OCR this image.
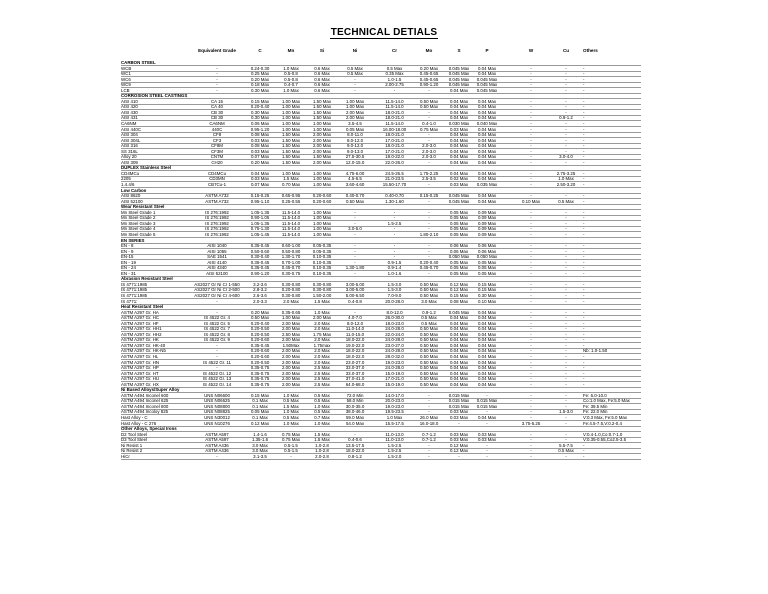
TECHNICAL DETIALS
Equivalent Grade	C	Mn	Si	Ni	Cr	Mo	S	P	W	Cu	Others
CARBON STEEL
WCB	-	0.24-0.30	1.0 Max	0.6 Max	0.5 Max	0.5 Max	0.20 Max	0.045 Max	0.04 Max	-	-	-
WC1	-	0.25 Max	0.5-0.8	0.6 Max	0.5 Max	0.35 Max	0.45-0.65	0.045 Max	0.04 Max	-	-	-
WC6	-	0.20 Max	0.5-0.8	0.6 Max	-	1.0-1.5	0.45-0.65	0.045 Max	0.045 Max	-	-	-
WC9	-	0.18 Max	0.4-0.7	0.6 Max	-	2.00-2.75	0.90-1.20	0.045 Max	0.045 Max	-	-	-
LCB	-	0.30 Max	1.0 Max	0.6 Max	-	-	-	0.04 Max	0.045 Max	-	-	-
CORROSION STEEL CASTINGS
AISI 410	CA 15	0.15 Max	1.00 Max	1.50 Max	1.00 Max	11.5-14.0	0.50 Max	0.04 Max	0.04 Max	-	-	-
AISI 420	CA 40	0.20-0.40	1.00 Max	1.50 Max	1.00 Max	11.5-14.0	0.50 Max	0.04 Max	0.04 Max	-	-	-
AISI 430	CB 30	0.30 Max	1.00 Max	1.50 Max	2.00 Max	18.0-21.0	-	0.04 Max	0.04 Max	-	-	-
AISI 431	CB 30	0.30 Max	1.00 Max	1.50 Max	2.00 Max	18.0-21.0	-	0.04 Max	0.04 Max	-	0.9-1.2	-
CA6NM	CA6NM	0.06 Max	1.00 Max	1.00 Max	3.5-4.5	11.5-14.0	0.4-1.0	0.030 Max	0.040 Max	-	-	-
AISI 440C	440C	0.95-1.20	1.00 Max	1.00 Max	0.05 Max	16.00-18.00	0.75 Max	0.03 Max	0.04 Max	-	-	-
AISI 304	CF8	0.08 Max	1.50 Max	2.00 Max	8.0-11.0	18.0-21.0	-	0.04 Max	0.04 Max	-	-	-
AISI 304L	CF3	0.03 Max	1.50 Max	2.00 Max	8.0-12.0	17.0-21.0	-	0.04 Max	0.04 Max	-	-	-
AISI 316	CF8M	0.08 Max	1.50 Max	2.00 Max	9.0-12.0	18.0-21.0	2.0-3.0	0.04 Max	0.04 Max	-	-	-
SS 316L	CF3M	0.03 Max	1.50 Max	2.00 Max	9.0-13.0	17.0-21.0	2.0-3.0	0.04 Max	0.04 Max	-	-	-
Alloy 20	CN7M	0.07 Max	1.50 Max	1.50 Max	27.5-30.5	19.0-22.0	2.0-3.0	0.04 Max	0.04 Max	-	3.0-4.0	-
AISI 309	CH20	0.20 Max	1.50 Max	2.00 Max	12.0-15.0	22.0-26.0	-	0.04 Max	0.04 Max	-	-	-
DUPLEX Stainless Steel
CD4MCu	CD4MCu	0.04 Max	1.00 Max	1.00 Max	4.75-6.00	24.5-26.5	1.75-2.25	0.04 Max	0.04 Max	-	2.75-3.25	-
2205	CD3MN	0.03 Max	1.5 Max	1.00 Max	4.5-6.5	21.0-23.5	2.5-3.5	0.02 Max	0.04 Max	-	1.0 Max	-
1.4.4/6	CB7Cu-1	0.07 Max	0.70 Max	1.00 Max	3.60-4.60	15.50-17.70	-	0.03 Max	0.035 Max	-	2.50-3.20	-
Low Carbon
AISI 8620	ASTM A732	0.15-0.25	0.65-0.95	0.20-0.60	0.40-0.70	0.40-0.70	0.15-0.25	0.045 Max	0.04 Max	-	-	-
AISI 52100	ASTM A732	0.95-1.10	0.25-0.55	0.20-0.60	0.50 Max	1.30-1.60	-	0.045 Max	0.04 Max	0.10 Max	0.5 Max	-
Wear Resistant Steel
Mn Steel Grade 1	IS 276:1992	1.05-1.35	11.5-14.0	1.00 Max	-	-	-	0.05 Max	0.09 Max	-	-	-
Mn Steel Grade 2	IS 276:1992	0.90-1.05	11.5-14.0	1.00 Max	-	-	-	0.05 Max	0.09 Max	-	-	-
Mn Steel Grade 3	IS 276:1992	1.05-1.35	11.5-14.0	1.00 Max	-	1.5-2.5	-	0.05 Max	0.09 Max	-	-	-
Mn Steel Grade 4	IS 276:1992	0.75-1.30	11.5-14.0	1.00 Max	3.0-5.0	-	-	0.05 Max	0.09 Max	-	-	-
Mn Steel Grade 5	IS 276:1992	1.05-1.45	11.5-14.0	1.00 Max	-	-	1.80-2.10	0.05 Max	0.09 Max	-	-	-
EN SERIES
EN - 8	AISI 1040	0.35-0.45	0.60-1.00	0.05-0.35	-	-	-	0.06 Max	0.06 Max	-	-	-
EN - 9	AISI 1055	0.50-0.60	0.50-0.80	0.05-0.35	-	-	-	0.06 Max	0.06 Max	-	-	-
EN-15	SAE 1541	0.30-0.40	1.30-1.70	0.10-0.35	-	-	-	0.050 Max	0.050 Max	-	-	-
EN - 19	AISI 4140	0.35-0.45	0.70-1.00	0.10-0.35	-	0.9-1.5	0.20-0.40	0.05 Max	0.05 Max	-	-	-
EN - 24	AISI 4340	0.35-0.45	0.45-0.70	0.10-0.35	1.30-1.80	0.9-1.4	0.45-0.70	0.05 Max	0.05 Max	-	-	-
EN - 31	AISI 52100	0.90-1.20	0.30-0.75	0.10-0.35	-	1.0-1.6	-	0.05 Max	0.05 Max	-	-	-
Abrasion Resistant Steel
IS 4771:1985	AS2027 Gr Ni Cr 1-550	3.2-3.6	0.30-0.80	0.30-0.80	3.00-5.00	1.5-3.0	0.50 Max	0.12 Max	0.15 Max	-	-	-
IS 4771:1985	AS2027 Gr Ni Cr 2-500	2.8-3.2	0.20-0.80	0.30-0.80	3.00-5.00	1.5-3.0	0.50 Max	0.12 Max	0.15 Max	-	-	-
IS 4771:1985	AS2027 Gr Ni Cr 4-600	2.6-3.6	0.30-0.80	1.50-2.00	5.00-6.50	7.0-9.0	0.50 Max	0.15 Max	0.30 Max	-	-	-
IS 4771:	-	2.0-3.3	2.0 Max	1.5 Max	0.4-0.8	20.0-28.0	3.0 Max	0.08 Max	0.10 Max	-	-	-
Heat Resistant Steel
ASTM A297 Gr. HA	-	0.20 Max	0.35-0.65	1.0 Max	-	8.0-12.0	0.9-1.2	0.045 Max	0.04 Max	-	-	-
ASTM A297 Gr. HC	IS 4522 Gr. 4	0.50 Max	1.00 Max	2.00 Max	4.0-7.0	26.0-30.0	0.5 Max	0.04 Max	0.04 Max	-	-	-
ASTM A297 Gr. HF	IS 4522 Gr. 5	0.20-0.40	2.00 Max	2.0 Max	8.0-12.0	18.0-23.0	0.5 Max	0.04 Max	0.04 Max	-	-	-
ASTM A297 Gr. HH1	IS 4522 Gr. 7	0.20-0.50	2.00 Max	2.0 Max	11.0-14.0	24.0-28.0	0.50 Max	0.04 Max	0.04 Max	-	-	-
ASTM A297 Gr. HH2	IS 4522 Gr. 8	0.20-0.50	2.50 Max	1.75 Max	11.0-15.0	22.0-24.0	0.50 Max	0.04 Max	0.04 Max	-	-	-
ASTM A297 Gr. HK	IS 4522 Gr. 9	0.20-0.60	2.00 Max	2.0 Max	18.0-22.0	24.0-28.0	0.50 Max	0.04 Max	0.04 Max	-	-	-
ASTM A297 Gr. HK-40	-	0.35-0.45	1.50Max	1.75max	19.0-22.0	23.0-27.0	0.50 Max	0.04 Max	0.04 Max	-	-	-
ASTM A297 Gr. HK-Nb	-	0.20-0.60	2.00 Max	2.0 Max	18.0-22.0	24.0-28.0	0.50 Max	0.04 Max	0.04 Max	-	-	Nb: 1.0-1.50
ASTM A297 Gr. HL	-	0.20-0.60	2.00 Max	2.0 Max	18.0-22.0	28.0-32.0	0.50 Max	0.04 Max	0.04 Max	-	-	-
ASTM A297 Gr. HN	IS 4522 Gr. 11	0.20-0.50	2.00 Max	2.0 Max	23.0-27.0	19.0-23.0	0.50 Max	0.04 Max	0.04 Max	-	-	-
ASTM A297 Gr. HP	-	0.35-0.75	2.00 Max	2.5 Max	33.0-37.0	24.0-28.0	0.50 Max	0.04 Max	0.04 Max	-	-	-
ASTM A297 Gr. HT	IS 4522 Gr. 12	0.35-0.75	2.00 Max	2.5 Max	33.0-37.0	15.0-19.0	0.50 Max	0.04 Max	0.04 Max	-	-	-
ASTM A297 Gr. HU	IS 4522 Gr. 13	0.35-0.75	2.00 Max	2.5 Max	37.0-41.0	17.0-21.0	0.50 Max	0.04 Max	0.04 Max	-	-	-
ASTM A297 Gr. HX	IS 4522 Gr. 14	0.35-0.75	2.00 Max	2.5 Max	64.0-68.0	15.0-19.0	0.50 Max	0.04 Max	0.04 Max	-	-	-
Ni Based Alloys/Super Alloy
ASTM A494 Inconel 600	UNS N06600	0.15 Max	1.0 Max	0.5 Max	72.0 Min	14.0-17.0	-	0.015 Max	-	-	-	Fe: 6.0-10.0
ASTM A494 Inconel 625	UNS N06625	0.1 Max	0.5 Max	0.5 Max	58.0 Min	20.0-23.0	-	0.015 Max	0.015 Max	-	-	Co:1.0 Max, Fe:5.0 Max
ASTM A494 Inconel 800	UNS N08800	0.1 Max	1.5 Max	1.0 Max	30.0-35.0	19.0-23.0	-	0.015 Max	0.015 Max	-	-	Fe: 39.5 Min
ASTM A494 Incoloy 825	UNS N08825	0.05 Max	1.0 Max	0.5 Max	38.0-46.0	19.5-23.5	-	0.03 Max	-	-	1.5-3.0	Fe: 22.0 Min
Hast Alloy - C	UNS N30012	0.1 Max	0.5 Max	0.7 Max	59.0 Max	1.0 Max	26.0 Max	0.03 Max	0.04 Max	-	-	V:0.3 Max, Fe:5.0 Max
Hast Alloy - C 276	UNS N10276	0.12 Max	1.0 Max	1.0 Max	54.0 Max	15.5-17.5	16.0-18.0	-	-	3.75-5.25	-	Fe:4.5-7.5,V:0.2-0.4
Other Alloys, Special Irons
D2 Tool Steel	ASTM A597	1.4-1.6	0.75 Max	1.5 Max	-	11.0-13.0	0.7-1.2	0.03 Max	0.03 Max	-	-	V:0.4-1.0,Co:0.7-1.0
D3 Tool Steel	ASTM A597	1.35-1.6	0.75 Max	1.5 Max	0.4-0.6	11.0-13.0	0.7-1.2	0.03 Max	0.03 Max	-	-	V:0.35-0.55,Co2.5-3.5
Ni Resist 1	ASTM A436	3.0 Max	0.5-1.5	1.0-2.8	13.5-17.5	1.5-2.5	-	0.12 Max	-	-	5.5-7.5	-
Ni Resist 2	ASTM A436	3.0 Max	0.5-1.5	1.0-2.8	18.0-22.0	1.5-2.5	-	0.12 Max	-	-	0.5 Max	-
HiCr	-	3.1-3.5	-	2.0-2.8	0.8-1.2	1.5-2.0	-	-	-	-	-	-
